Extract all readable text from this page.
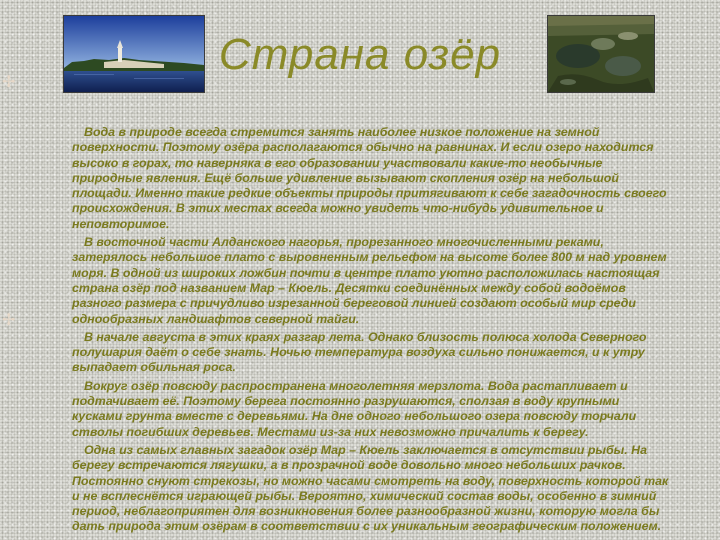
Страна озёр

Вода в природе всегда стремится занять наиболее низкое положение на земной поверхности. Поэтому озёра располагаются обычно на равнинах. И если озеро находится высоко в горах, то наверняка в его образовании участвовали какие-то необычные природные явления. Ещё больше удивление вызывают скопления озёр на небольшой площади. Именно такие редкие объекты природы притягивают к себе загадочность своего происхождения. В этих местах всегда можно увидеть что-нибудь удивительное и неповторимое.

В восточной части Алданского нагорья, прорезанного многочисленными реками, затерялось небольшое плато с выровненным рельефом на высоте более 800 м над уровнем моря. В одной из широких ложбин почти в центре плато уютно расположилась настоящая страна озёр под названием Мар – Кюель. Десятки соединённых между собой водоёмов разного размера с причудливо изрезанной береговой линией создают особый мир среди однообразных ландшафтов северной тайги.

В начале августа в этих краях разгар лета. Однако близость полюса холода Северного полушария даёт о себе знать. Ночью температура воздуха сильно понижается, и к утру выпадает обильная роса.

Вокруг озёр повсюду распространена многолетняя мерзлота. Вода растапливает и подтачивает её. Поэтому берега постоянно разрушаются, сползая в воду крупными кусками грунта вместе с деревьями. На дне одного небольшого озера повсюду торчали стволы погибших деревьев. Местами из-за них невозможно причалить к берегу.

Одна из самых главных загадок озёр Мар – Кюель заключается в отсутствии рыбы. На берегу встречаются лягушки, а в прозрачной воде довольно много небольших рачков. Постоянно снуют стрекозы, но можно часами смотреть на воду, поверхность которой так и не всплеснётся играющей рыбы. Вероятно, химический состав воды, особенно в зимний период, неблагоприятен для возникновения более разнообразной жизни, которую могла бы дать природа этим озёрам в соответствии с их уникальным географическим положением.

✢
✢
